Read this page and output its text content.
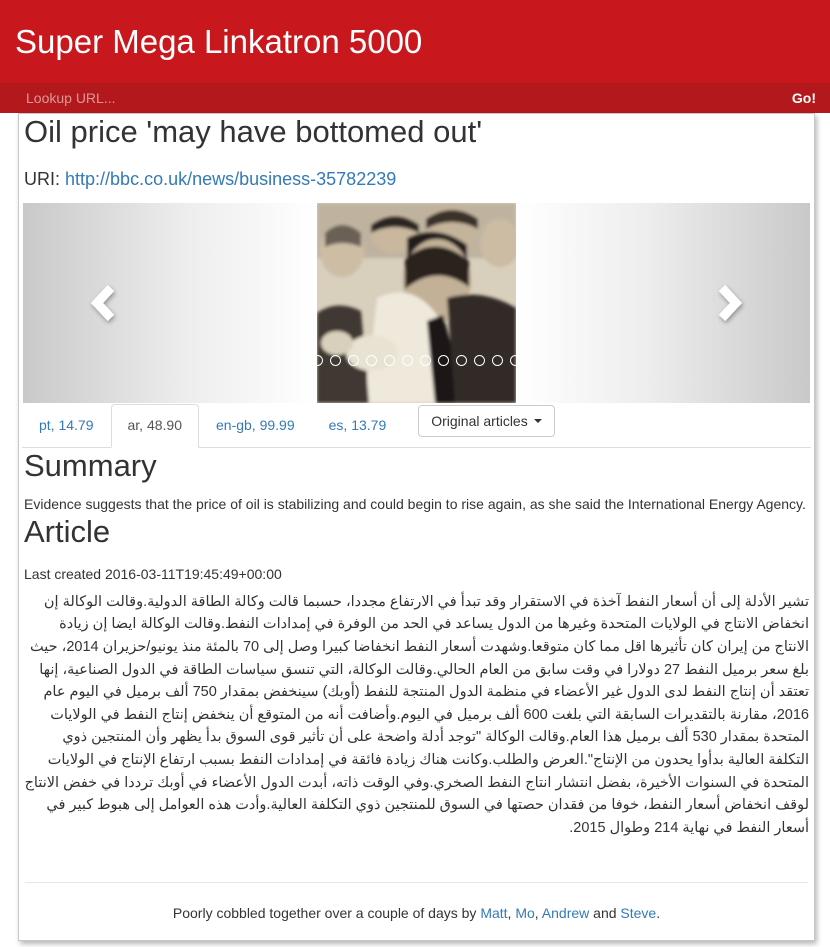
Super Mega Linkatron 5000
Lookup URL...
Go!
Oil price 'may have bottomed out'
URI: http://bbc.co.uk/news/business-35782239
pt, 14.79	ar, 48.90	en-gb, 99.99	es, 13.79	Original articles
Summary

Evidence suggests that the price of oil is stabilizing and could begin to rise again, as she said the International Energy Agency.

Article

Last created 2016-03-11T19:45:49+00:00

تشير الأدلة إلى أن أسعار النفط آخذة في الاستقرار وقد تبدأ في الارتفاع مجددا، حسبما قالت وكالة الطاقة الدولية.وقالت الوكالة إن انخفاض الانتاج في الولايات المتحدة وغيرها من الدول يساعد في الحد من الوفرة في إمدادات النفط.وقالت الوكالة ايضا إن زيادة الانتاج من إيران كان تأثيرها اقل مما كان متوقعا.وشهدت أسعار النفط انخفاضا كبيرا وصل إلى 70 بالمئة منذ يونيو/حزيران 2014، حيث بلغ سعر برميل النفط 27 دولارا في وقت سابق من العام الحالي.وقالت الوكالة، التي تنسق سياسات الطاقة في الدول الصناعية، إنها تعتقد أن إنتاج النفط لدى الدول غير الأعضاء في منظمة الدول المنتجة للنفط (أوبك) سينخفض بمقدار 750 ألف برميل في اليوم عام 2016، مقارنة بالتقديرات السابقة التي بلغت 600 ألف برميل في اليوم.وأضافت أنه من المتوقع أن ينخفض إنتاج النفط في الولايات المتحدة بمقدار 530 ألف برميل هذا العام.وقالت الوكالة "توجد أدلة واضحة على أن تأثير قوى السوق بدأ يظهر وأن المنتجين ذوي التكلفة العالية بدأوا يحدون من الإنتاج".العرض والطلب.وكانت هناك زيادة فائقة في إمدادات النفط بسبب ارتفاع الإنتاج في الولايات المتحدة في السنوات الأخيرة، بفضل انتشار انتاج النفط الصخري.وفي الوقت ذاته، أبدت الدول الأعضاء في أوبك ترددا في خفض الانتاج لوقف انخفاض أسعار النفط، خوفا من فقدان حصتها في السوق للمنتجين ذوي التكلفة العالية.وأدت هذه العوامل إلى هبوط كبير في أسعار النفط في نهاية 214 وطوال 2015.

Poorly cobbled together over a couple of days by Matt, Mo, Andrew and Steve.
